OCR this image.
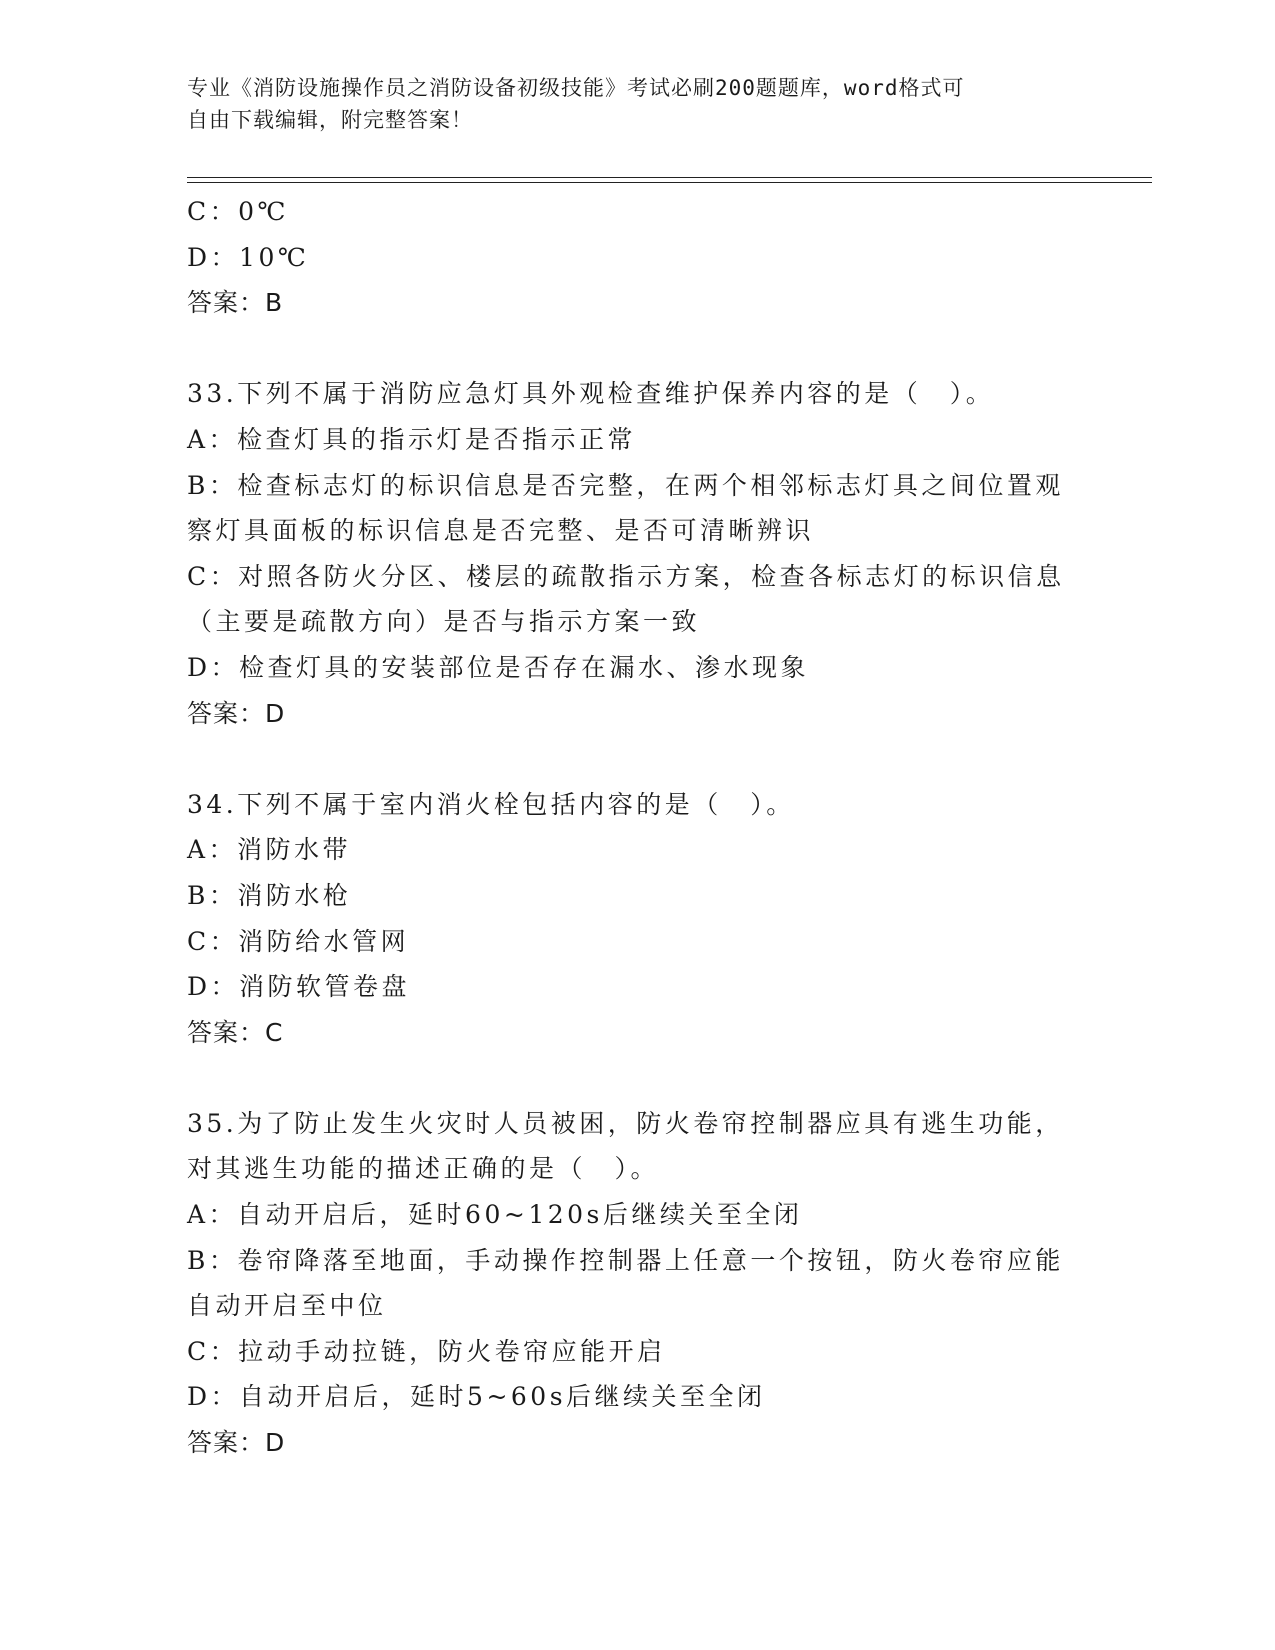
专业《消防设施操作员之消防设备初级技能》考试必刷200题题库，word格式可
自由下载编辑，附完整答案！
C：0℃
D：10℃
答案：B
33.下列不属于消防应急灯具外观检查维护保养内容的是（　）。
A：检查灯具的指示灯是否指示正常
B：检查标志灯的标识信息是否完整，在两个相邻标志灯具之间位置观
察灯具面板的标识信息是否完整、是否可清晰辨识
C：对照各防火分区、楼层的疏散指示方案，检查各标志灯的标识信息
（主要是疏散方向）是否与指示方案一致
D：检查灯具的安装部位是否存在漏水、渗水现象
答案：D
34.下列不属于室内消火栓包括内容的是（　）。
A：消防水带
B：消防水枪
C：消防给水管网
D：消防软管卷盘
答案：C
35.为了防止发生火灾时人员被困，防火卷帘控制器应具有逃生功能，
对其逃生功能的描述正确的是（　）。
A：自动开启后，延时60~120s后继续关至全闭
B：卷帘降落至地面，手动操作控制器上任意一个按钮，防火卷帘应能
自动开启至中位
C：拉动手动拉链，防火卷帘应能开启
D：自动开启后，延时5~60s后继续关至全闭
答案：D
